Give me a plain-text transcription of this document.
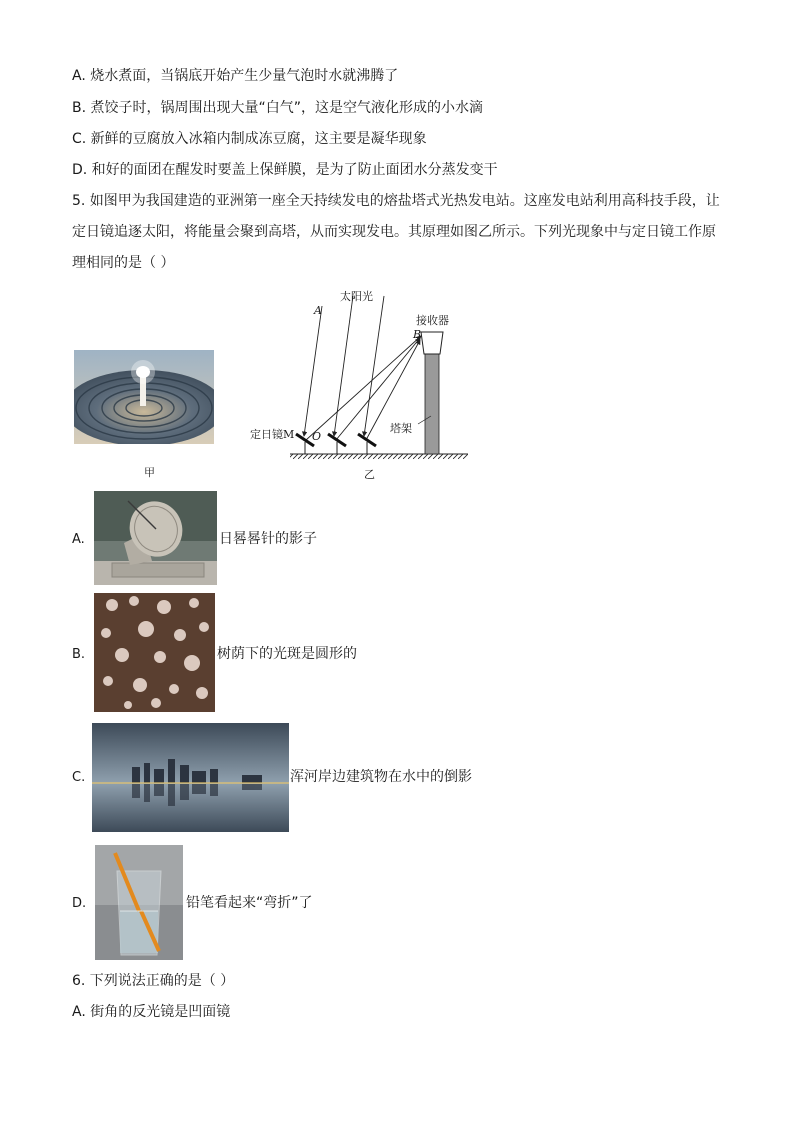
A. 烧水煮面，当锅底开始产生少量气泡时水就沸腾了
B. 煮饺子时，锅周围出现大量“白气”，这是空气液化形成的小水滴
C. 新鲜的豆腐放入冰箱内制成冻豆腐，这主要是凝华现象
D. 和好的面团在醒发时要盖上保鲜膜，是为了防止面团水分蒸发变干
5. 如图甲为我国建造的亚洲第一座全天持续发电的熔盐塔式光热发电站。这座发电站利用高科技手段，让
定日镜追逐太阳，将能量会聚到高塔，从而实现发电。其原理如图乙所示。下列光现象中与定日镜工作原
理相同的是（ ）
甲
A
太阳光
接收器
B
塔架
定日镜M O
乙
A.	日晷晷针的影子
B.	树荫下的光斑是圆形的
C.	浑河岸边建筑物在水中的倒影
D.	铅笔看起来“弯折”了
6. 下列说法正确的是（ ）
A. 街角的反光镜是凹面镜
